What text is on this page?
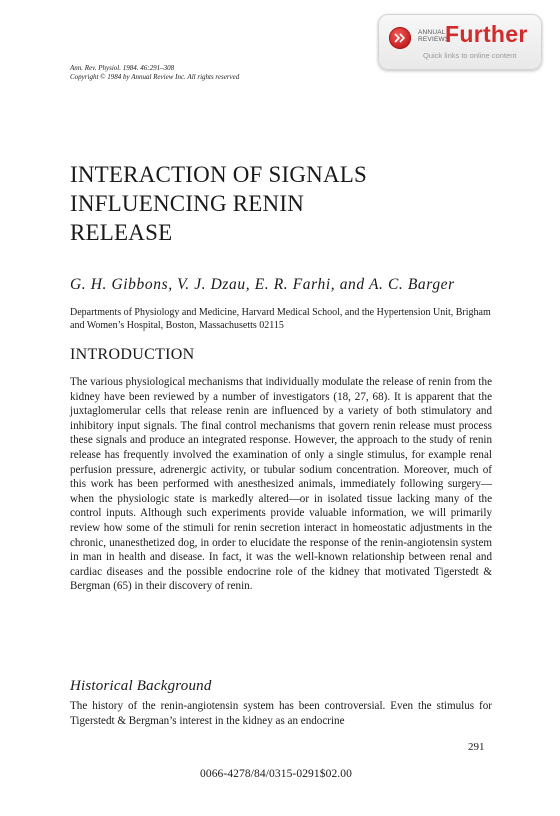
ANNUAL
REVIEWS
Further
Quick links to online content
Ann. Rev. Physiol. 1984. 46:291–308
Copyright © 1984 by Annual Review Inc. All rights reserved
INTERACTION OF SIGNALS
INFLUENCING RENIN
RELEASE
G. H. Gibbons, V. J. Dzau, E. R. Farhi, and A. C. Barger
Departments of Physiology and Medicine, Harvard Medical School, and the Hypertension Unit, Brigham and Women’s Hospital, Boston, Massachusetts 02115
INTRODUCTION
The various physiological mechanisms that individually modulate the release of renin from the kidney have been reviewed by a number of investigators (18, 27, 68). It is apparent that the juxtaglomerular cells that release renin are influenced by a variety of both stimulatory and inhibitory input signals. The final control mechanisms that govern renin release must process these signals and produce an integrated response. However, the approach to the study of renin release has frequently involved the examination of only a single stimulus, for example renal perfusion pressure, adrenergic activity, or tubular sodium concentration. Moreover, much of this work has been performed with anesthesized animals, immediately following surgery—when the physiologic state is markedly altered—or in isolated tissue lacking many of the control inputs. Although such experiments provide valuable information, we will primarily review how some of the stimuli for renin secretion interact in homeostatic adjustments in the chronic, unanesthetized dog, in order to elucidate the response of the renin-angiotensin system in man in health and disease. In fact, it was the well-known relationship between renal and cardiac diseases and the possible endocrine role of the kidney that motivated Tigerstedt & Bergman (65) in their discovery of renin.
Historical Background
The history of the renin-angiotensin system has been controversial. Even the stimulus for Tigerstedt & Bergman’s interest in the kidney as an endocrine
291
0066-4278/84/0315-0291$02.00
